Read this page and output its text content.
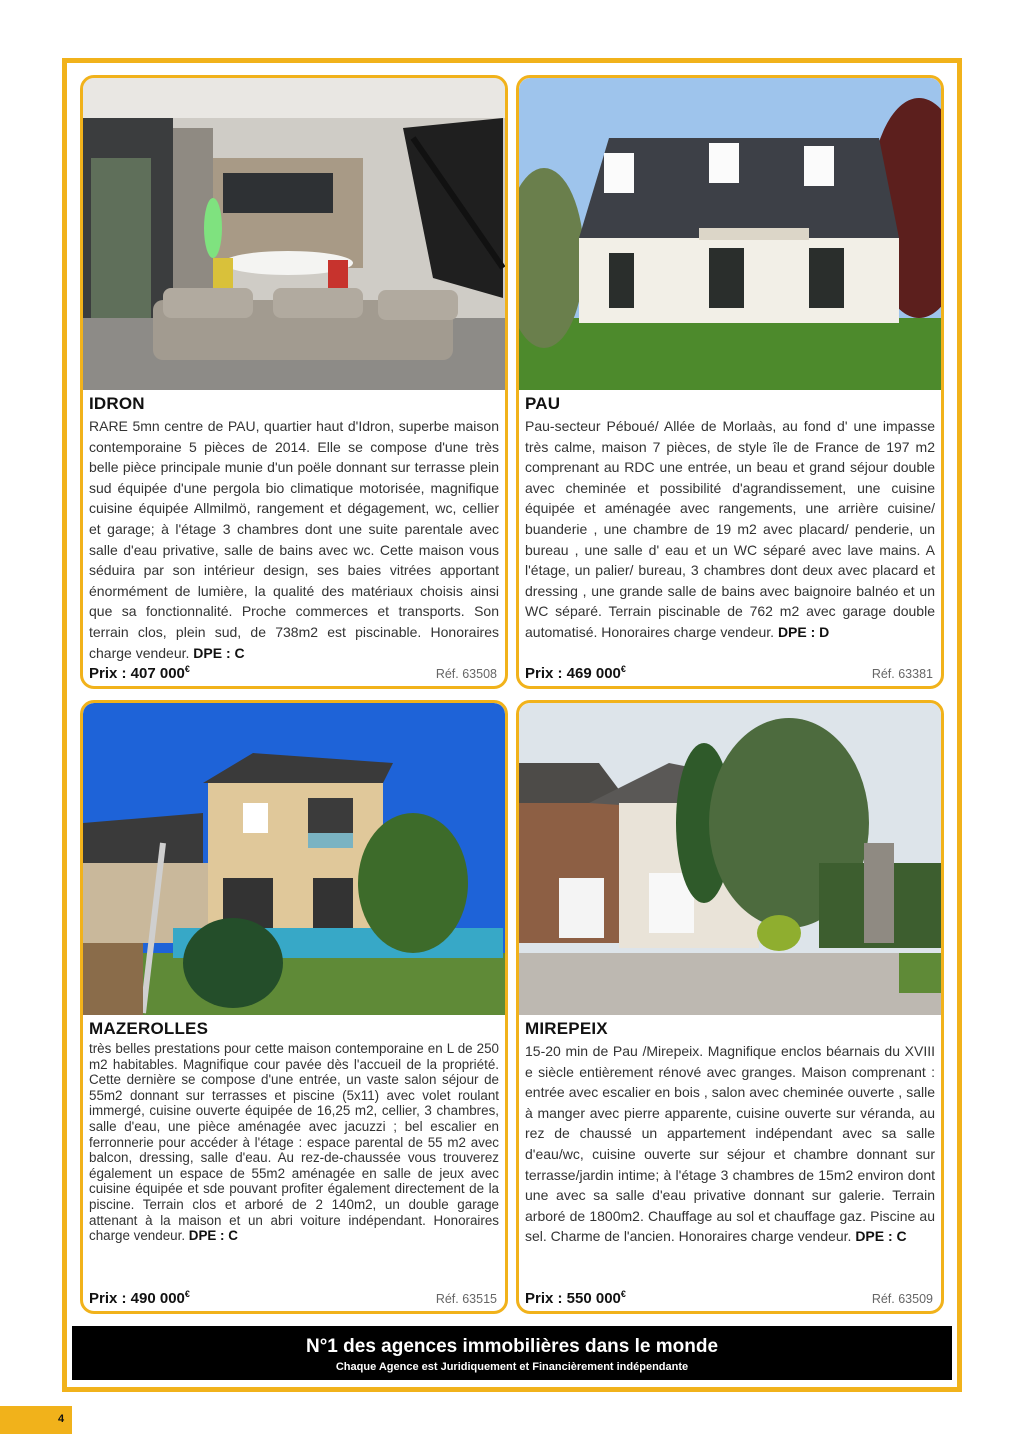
IDRON
RARE 5mn centre de PAU, quartier haut d'Idron, superbe maison contemporaine 5 pièces de 2014. Elle se compose d'une très belle pièce principale munie d'un poële donnant sur terrasse plein sud équipée d'une pergola bio climatique motorisée, magnifique cuisine équipée Allmilmö, rangement et dégagement, wc, cellier et garage; à l'étage 3 chambres dont une suite parentale avec salle d'eau privative, salle de bains avec wc. Cette maison vous séduira par son intérieur design, ses baies vitrées apportant énormément de lumière, la qualité des matériaux choisis ainsi que sa fonctionnalité. Proche commerces et transports. Son terrain clos, plein sud, de 738m2 est piscinable. Honoraires charge vendeur. DPE : C
Prix : 407 000€	Réf. 63508
PAU
Pau-secteur Péboué/ Allée de Morlaàs, au fond d' une impasse très calme, maison 7 pièces, de style île de France de 197 m2 comprenant au RDC une entrée, un beau et grand séjour double avec cheminée et possibilité d'agrandissement, une cuisine équipée et aménagée avec rangements, une arrière cuisine/ buanderie , une chambre de 19 m2 avec placard/ penderie, un bureau , une salle d' eau et un WC séparé avec lave mains. A l'étage, un palier/ bureau, 3 chambres dont deux avec placard et dressing , une grande salle de bains avec baignoire balnéo et un WC séparé. Terrain piscinable de 762 m2 avec garage double automatisé. Honoraires charge vendeur. DPE : D
Prix : 469 000€	Réf. 63381
MAZEROLLES
très belles prestations pour cette maison contemporaine en L de 250 m2 habitables. Magnifique cour pavée dès l'accueil de la propriété. Cette dernière se compose d'une entrée, un vaste salon séjour de 55m2 donnant sur terrasses et piscine (5x11) avec volet roulant immergé, cuisine ouverte équipée de 16,25 m2, cellier, 3 chambres, salle d'eau, une pièce aménagée avec jacuzzi ; bel escalier en ferronnerie pour accéder à l'étage : espace parental de 55 m2 avec balcon, dressing, salle d'eau. Au rez-de-chaussée vous trouverez également un espace de 55m2 aménagée en salle de jeux avec cuisine équipée et sde pouvant profiter également directement de la piscine. Terrain clos et arboré de 2 140m2, un double garage attenant à la maison et un abri voiture indépendant. Honoraires charge vendeur. DPE : C
Prix : 490 000€	Réf. 63515
MIREPEIX
15-20 min de Pau /Mirepeix. Magnifique enclos béarnais du XVIII e siècle entièrement rénové avec granges. Maison comprenant : entrée avec escalier en bois , salon avec cheminée ouverte , salle à manger avec pierre apparente, cuisine ouverte sur véranda, au rez de chaussé un appartement indépendant avec sa salle d'eau/wc, cuisine ouverte sur séjour et chambre donnant sur terrasse/jardin intime; à l'étage 3 chambres de 15m2 environ dont une avec sa salle d'eau privative donnant sur galerie. Terrain arboré de 1800m2. Chauffage au sol et chauffage gaz. Piscine au sel. Charme de l'ancien. Honoraires charge vendeur. DPE : C
Prix : 550 000€	Réf. 63509
N°1 des agences immobilières dans le monde
Chaque Agence est Juridiquement et Financièrement indépendante
4
